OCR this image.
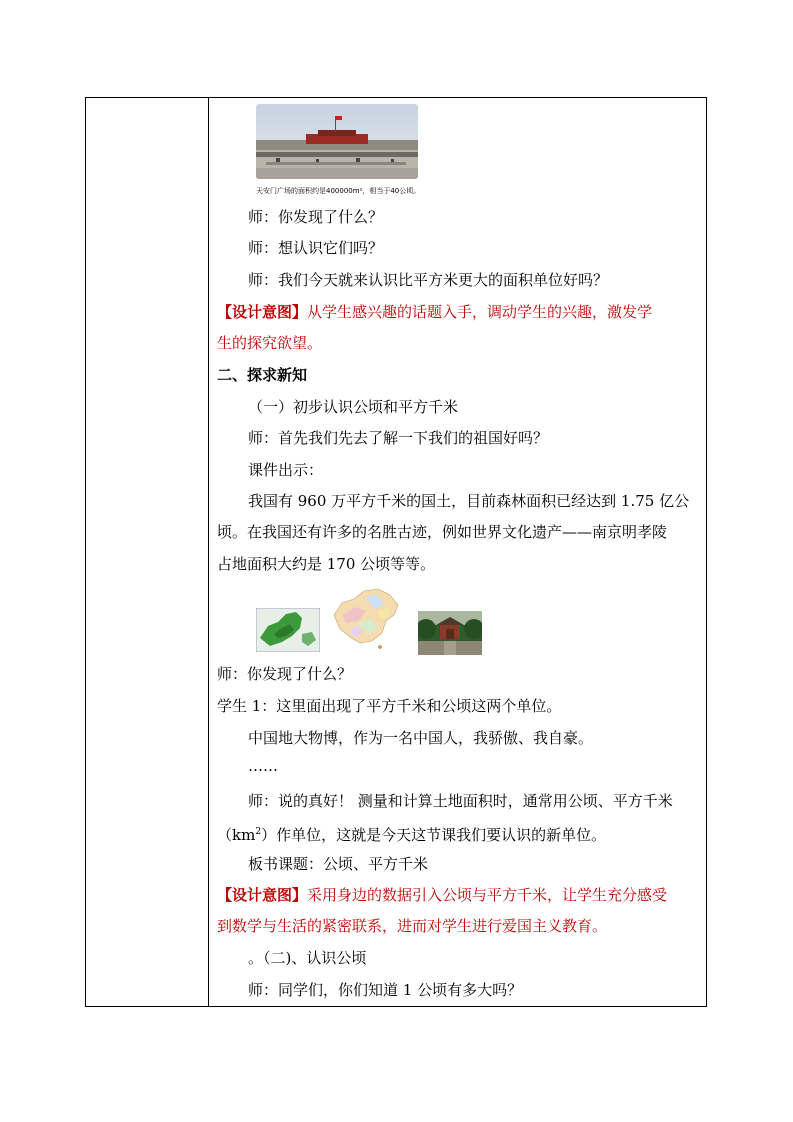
天安门广场的面积约是400000m²，相当于40公顷。
师：你发现了什么？
师：想认识它们吗？
师：我们今天就来认识比平方米更大的面积单位好吗？
【设计意图】从学生感兴趣的话题入手，调动学生的兴趣，激发学
生的探究欲望。
二、探求新知
（一）初步认识公顷和平方千米
师：首先我们先去了解一下我们的祖国好吗？
课件出示：
我国有 960 万平方千米的国土，目前森林面积已经达到 1.75 亿公
顷。在我国还有许多的名胜古迹，例如世界文化遗产——南京明孝陵
占地面积大约是 170 公顷等等。
师：你发现了什么？
学生 1：这里面出现了平方千米和公顷这两个单位。
中国地大物博，作为一名中国人，我骄傲、我自豪。
……
师：说的真好！ 测量和计算土地面积时，通常用公顷、平方千米
$(km^2)$作单位，这就是今天这节课我们要认识的新单位。
板书课题：公顷、平方千米
【设计意图】采用身边的数据引入公顷与平方千米，让学生充分感受
到数学与生活的紧密联系，进而对学生进行爱国主义教育。
。（二)、认识公顷
师：同学们，你们知道 1 公顷有多大吗？
